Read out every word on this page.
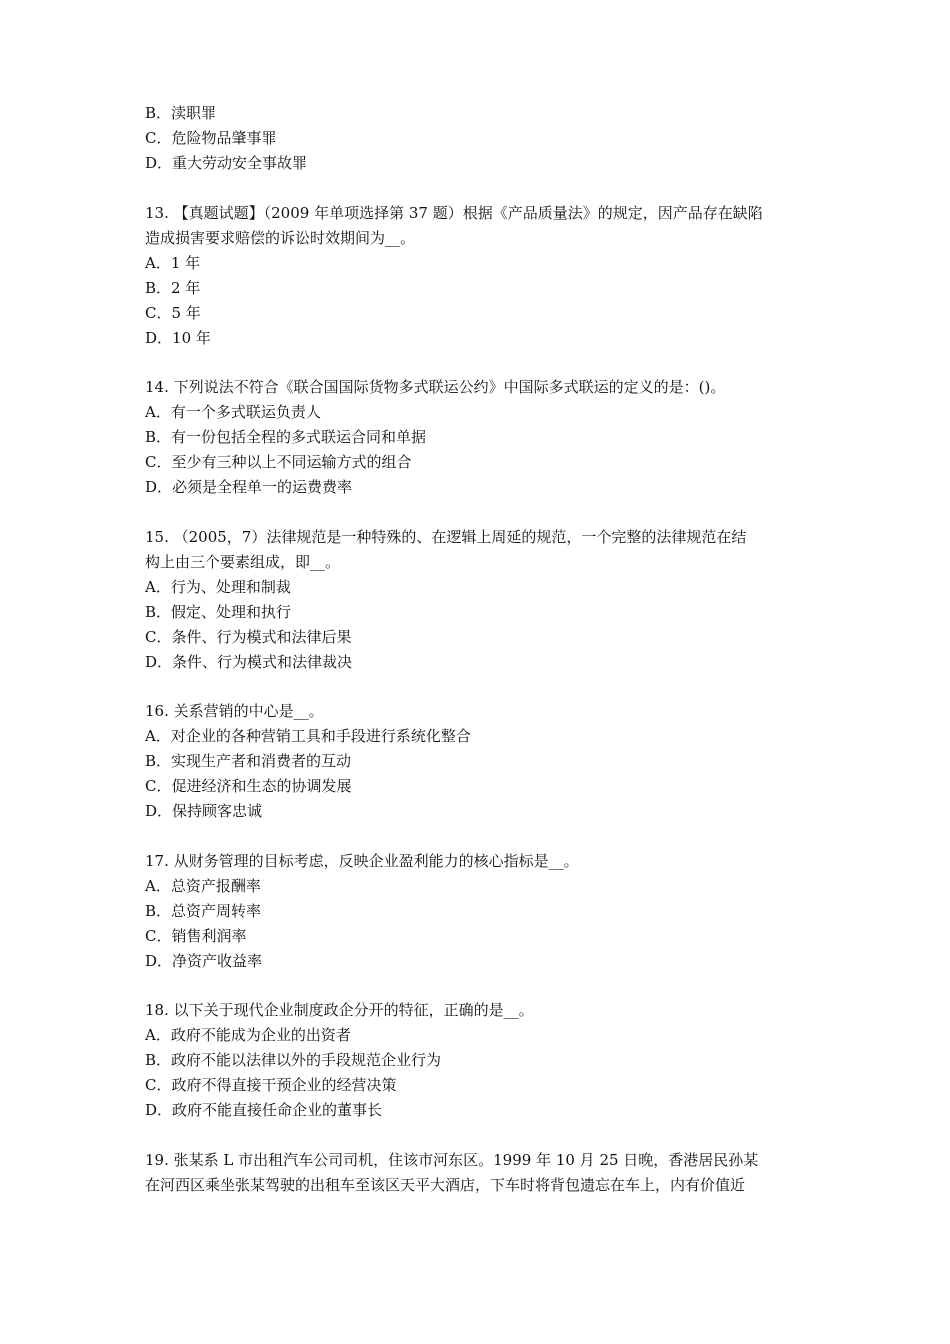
B．渎职罪
C．危险物品肇事罪
D．重大劳动安全事故罪
13. 【真题试题】（2009 年单项选择第 37 题）根据《产品质量法》的规定，因产品存在缺陷
造成损害要求赔偿的诉讼时效期间为__。
A．1 年
B．2 年
C．5 年
D．10 年
14. 下列说法不符合《联合国国际货物多式联运公约》中国际多式联运的定义的是：()。
A．有一个多式联运负责人
B．有一份包括全程的多式联运合同和单据
C．至少有三种以上不同运输方式的组合
D．必须是全程单一的运费费率
15. （2005，7）法律规范是一种特殊的、在逻辑上周延的规范，一个完整的法律规范在结
构上由三个要素组成，即__。
A．行为、处理和制裁
B．假定、处理和执行
C．条件、行为模式和法律后果
D．条件、行为模式和法律裁决
16. 关系营销的中心是__。
A．对企业的各种营销工具和手段进行系统化整合
B．实现生产者和消费者的互动
C．促进经济和生态的协调发展
D．保持顾客忠诚
17. 从财务管理的目标考虑，反映企业盈利能力的核心指标是__。
A．总资产报酬率
B．总资产周转率
C．销售利润率
D．净资产收益率
18. 以下关于现代企业制度政企分开的特征，正确的是__。
A．政府不能成为企业的出资者
B．政府不能以法律以外的手段规范企业行为
C．政府不得直接干预企业的经营决策
D．政府不能直接任命企业的董事长
19. 张某系 L 市出租汽车公司司机，住该市河东区。1999 年 10 月 25 日晚，香港居民孙某
在河西区乘坐张某驾驶的出租车至该区天平大酒店，下车时将背包遗忘在车上，内有价值近
